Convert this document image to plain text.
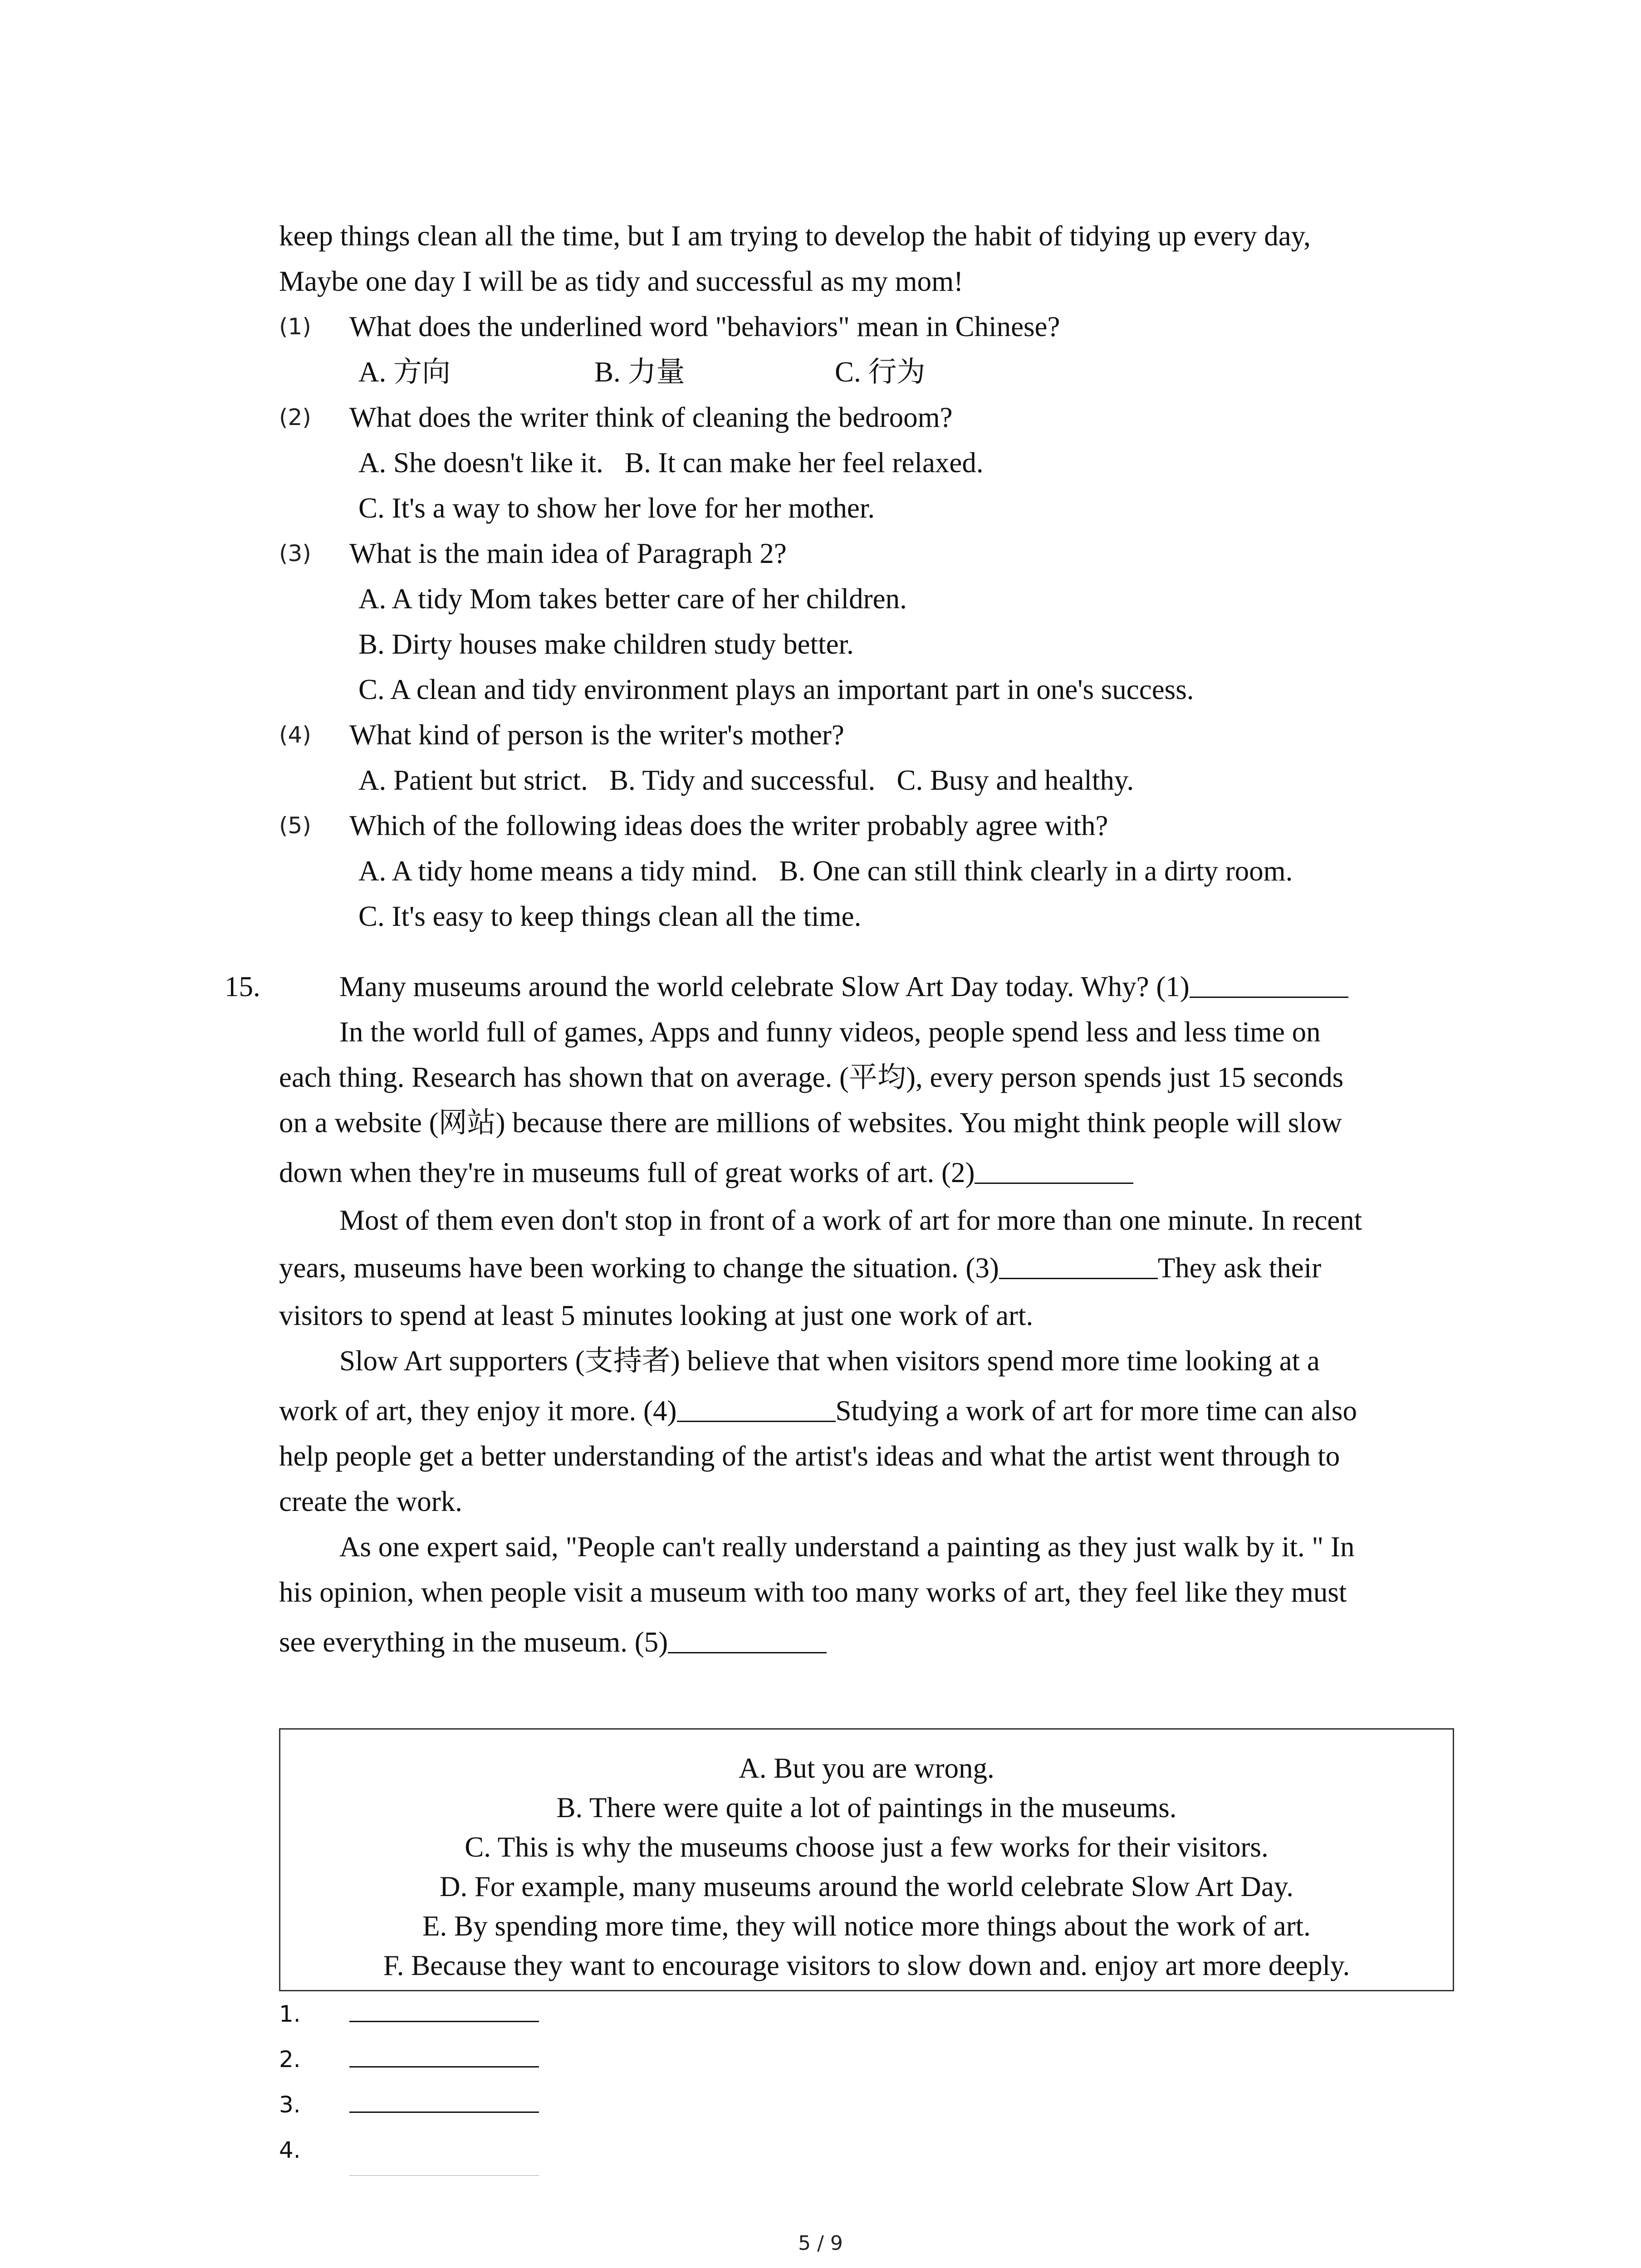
keep things clean all the time, but I am trying to develop the habit of tidying up every day,
Maybe one day I will be as tidy and successful as my mom!
(1) What does the underlined word "behaviors" mean in Chinese?
A. 方向	B. 力量	C. 行为
(2) What does the writer think of cleaning the bedroom?
A. She doesn't like it.   B. It can make her feel relaxed.
C. It's a way to show her love for her mother.
(3) What is the main idea of Paragraph 2?
A. A tidy Mom takes better care of her children.
B. Dirty houses make children study better.
C. A clean and tidy environment plays an important part in one's success.
(4) What kind of person is the writer's mother?
A. Patient but strict.   B. Tidy and successful.   C. Busy and healthy.
(5) Which of the following ideas does the writer probably agree with?
A. A tidy home means a tidy mind.   B. One can still think clearly in a dirty room.
C. It's easy to keep things clean all the time.
15.	Many museums around the world celebrate Slow Art Day today. Why? (1)
In the world full of games, Apps and funny videos, people spend less and less time on
each thing. Research has shown that on average. (平均), every person spends just 15 seconds
on a website (网站) because there are millions of websites. You might think people will slow
down when they're in museums full of great works of art. (2)
Most of them even don't stop in front of a work of art for more than one minute. In recent
years, museums have been working to change the situation. (3)	They ask their
visitors to spend at least 5 minutes looking at just one work of art.
Slow Art supporters (支持者) believe that when visitors spend more time looking at a
work of art, they enjoy it more. (4)	Studying a work of art for more time can also
help people get a better understanding of the artist's ideas and what the artist went through to
create the work.
As one expert said, "People can't really understand a painting as they just walk by it. " In
his opinion, when people visit a museum with too many works of art, they feel like they must
see everything in the museum. (5)
A. But you are wrong.
B. There were quite a lot of paintings in the museums.
C. This is why the museums choose just a few works for their visitors.
D. For example, many museums around the world celebrate Slow Art Day.
E. By spending more time, they will notice more things about the work of art.
F. Because they want to encourage visitors to slow down and. enjoy art more deeply.
1.
2.
3.
4.
5 / 9
